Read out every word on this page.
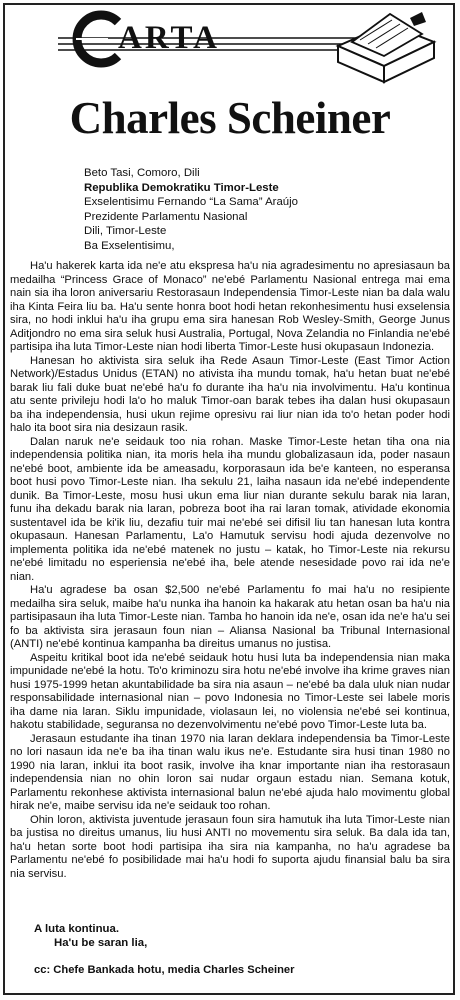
ARTA
Charles Scheiner
Beto Tasi, Comoro, Dili
Republika Demokratiku Timor-Leste
Exselentisimu Fernando “La Sama” Araújo
Prezidente Parlamentu Nasional
Dili, Timor-Leste
Ba Exselentisimu,

Ha'u hakerek karta ida ne'e atu ekspresa ha'u nia agradesimentu no apresiasaun ba medailha “Princess Grace of Monaco” ne'ebé Parlamentu Nasional entrega mai ema nain sia iha loron aniversariu Restorasaun Independensia Timor-Leste nian ba dala walu iha Kinta Feira liu ba. Ha'u sente honra boot hodi hetan rekonhesimentu husi exselensia sira, no hodi inklui ha'u iha grupu ema sira hanesan Rob Wesley-Smith, George Junus Aditjondro no ema sira seluk husi Australia, Portugal, Nova Zelandia no Finlandia ne'ebé partisipa iha luta Timor-Leste nian hodi liberta Timor-Leste husi okupasaun Indonezia.

Hanesan ho aktivista sira seluk iha Rede Asaun Timor-Leste (East Timor Action Network)/Estadus Unidus (ETAN) no ativista iha mundu tomak, ha'u hetan buat ne'ebé barak liu fali duke buat ne'ebé ha'u fo durante iha ha'u nia involvimentu. Ha'u kontinua atu sente privileju hodi la'o ho maluk Timor-oan barak tebes iha dalan husi okupasaun ba iha independensia, husi ukun rejime opresivu rai liur nian ida to'o hetan poder hodi halo ita boot sira nia desizaun rasik.

Dalan naruk ne'e seidauk too nia rohan. Maske Timor-Leste hetan tiha ona nia independensia politika nian, ita moris hela iha mundu globalizasaun ida, poder nasaun ne'ebé boot, ambiente ida be ameasadu, korporasaun ida be'e kanteen, no esperansa boot husi povo Timor-Leste nian. Iha sekulu 21, laiha nasaun ida ne'ebé independente dunik. Ba Timor-Leste, mosu husi ukun ema liur nian durante sekulu barak nia laran, funu iha dekadu barak nia laran, pobreza boot iha rai laran tomak, atividade ekonomia sustentavel ida be ki'ik liu, dezafiu tuir mai ne'ebé sei difisil liu tan hanesan luta kontra okupasaun. Hanesan Parlamentu, La'o Hamutuk servisu hodi ajuda dezenvolve no implementa politika ida ne'ebé matenek no justu – katak, ho Timor-Leste nia rekursu ne'ebé limitadu no esperiensia ne'ebé iha, bele atende nesesidade povo rai ida ne'e nian.

Ha'u agradese ba osan $2,500 ne'ebé Parlamentu fo mai ha'u no resipiente medailha sira seluk, maibe ha'u nunka iha hanoin ka hakarak atu hetan osan ba ha'u nia partisipasaun iha luta Timor-Leste nian. Tamba ho hanoin ida ne'e, osan ida ne'e ha'u sei fo ba aktivista sira jerasaun foun nian – Aliansa Nasional ba Tribunal Internasional (ANTI) ne'ebé kontinua kampanha ba direitus umanus no justisa.

Aspeitu kritikal boot ida ne'ebé seidauk hotu husi luta ba independensia nian maka impunidade ne'ebé la hotu. To'o kriminozu sira hotu ne'ebé involve iha krime graves nian husi 1975-1999 hetan akuntabilidade ba sira nia asaun – ne'ebé ba dala uluk nian nudar responsabilidade internasional nian – povo Indonesia no Timor-Leste sei labele moris iha dame nia laran. Siklu impunidade, violasaun lei, no violensia ne'ebé sei kontinua, hakotu stabilidade, seguransa no dezenvolvimentu ne'ebé povo Timor-Leste luta ba.

Jerasaun estudante iha tinan 1970 nia laran deklara independensia ba Timor-Leste no lori nasaun ida ne'e ba iha tinan walu ikus ne'e. Estudante sira husi tinan 1980 no 1990 nia laran, inklui ita boot rasik, involve iha knar importante nian iha restorasaun independensia nian no ohin loron sai nudar orgaun estadu nian. Semana kotuk, Parlamentu rekonhese aktivista internasional balun ne'ebé ajuda halo movimentu global hirak ne'e, maibe servisu ida ne'e seidauk too rohan.

Ohin loron, aktivista juventude jerasaun foun sira hamutuk iha luta Timor-Leste nian ba justisa no direitus umanus, liu husi ANTI no movementu sira seluk. Ba dala ida tan, ha'u hetan sorte boot hodi partisipa iha sira nia kampanha, no ha'u agradese ba Parlamentu ne'ebé fo posibilidade mai ha'u hodi fo suporta ajudu finansial balu ba sira nia servisu.

A luta kontinua.
Ha'u be saran lia,
cc: Chefe Bankada hotu, media Charles Scheiner
